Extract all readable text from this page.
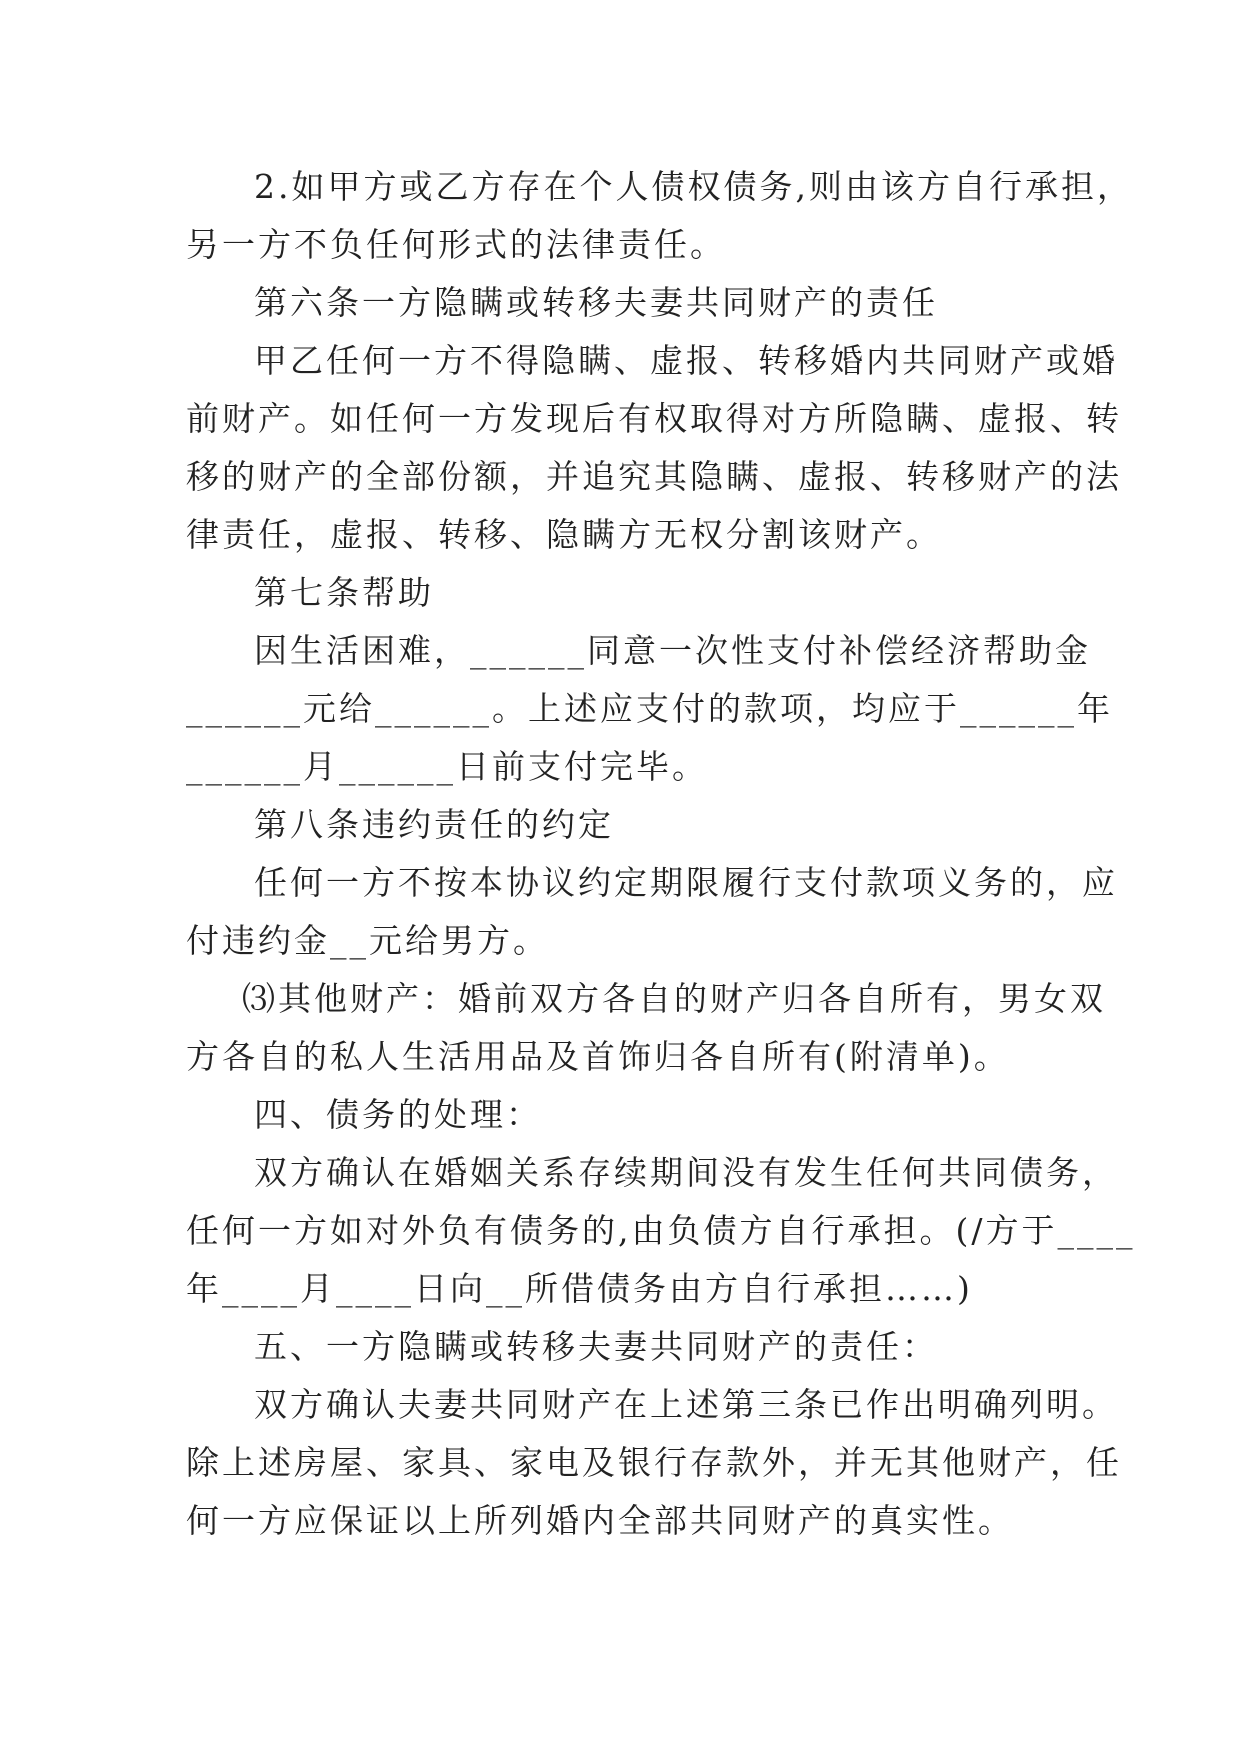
2.如甲方或乙方存在个人债权债务,则由该方自行承担，
另一方不负任何形式的法律责任。
第六条一方隐瞒或转移夫妻共同财产的责任
甲乙任何一方不得隐瞒、虚报、转移婚内共同财产或婚
前财产。如任何一方发现后有权取得对方所隐瞒、虚报、转
移的财产的全部份额，并追究其隐瞒、虚报、转移财产的法
律责任，虚报、转移、隐瞒方无权分割该财产。
第七条帮助
因生活困难，______同意一次性支付补偿经济帮助金
______元给______。上述应支付的款项，均应于______年
______月______日前支付完毕。
第八条违约责任的约定
任何一方不按本协议约定期限履行支付款项义务的，应
付违约金__元给男方。
⑶其他财产：婚前双方各自的财产归各自所有，男女双
方各自的私人生活用品及首饰归各自所有(附清单)。
四、债务的处理：
双方确认在婚姻关系存续期间没有发生任何共同债务，
任何一方如对外负有债务的,由负债方自行承担。(/方于____
年____月____日向__所借债务由方自行承担……)
五、一方隐瞒或转移夫妻共同财产的责任：
双方确认夫妻共同财产在上述第三条已作出明确列明。
除上述房屋、家具、家电及银行存款外，并无其他财产，任
何一方应保证以上所列婚内全部共同财产的真实性。
